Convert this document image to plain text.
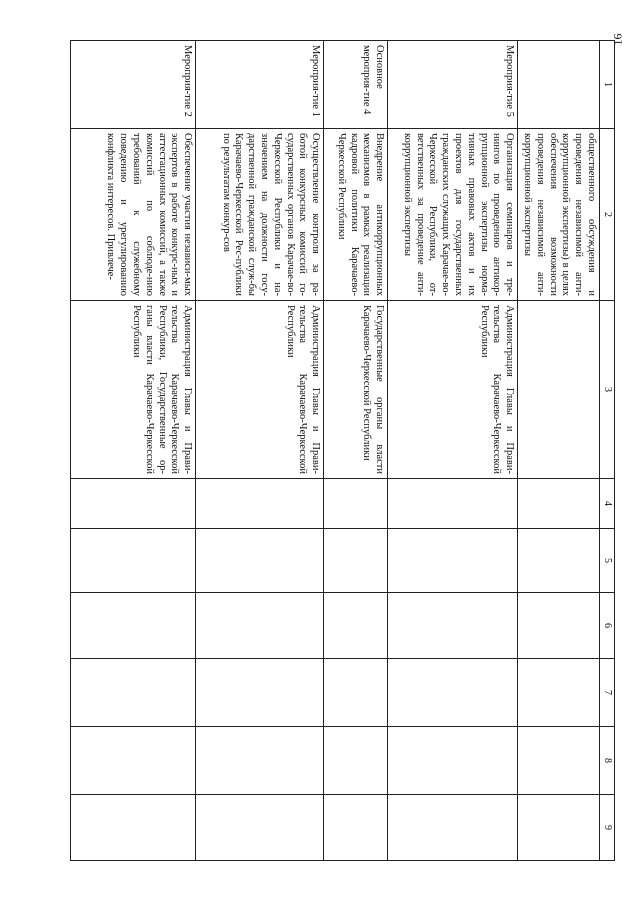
16
1	2	3	4	5	6	7	8	9
	общественного обсуждения и проведения независимой анти-коррупционной экспертизы) в целях обеспечения возможности проведения независимой анти-коррупционной экспертизы							
Мероприя-тие 5	Организация семинаров и тре-нингов по проведению антикор-рупционной экспертизы норма-тивных правовых актов и их проектов для государственных гражданских служащих Карачае-во-Черкесской Республики, от-ветственных за проведение анти-коррупционной экспертизы	Администрация Главы и Прави-тельства Карачаево-Черкесской Республики						
Основное мероприя-тие 4	Внедрение антикоррупционных механизмов в рамках реализации кадровой политики Карачаево-Черкесской Республики	Государственные органы власти Карачаево-Черкесской Республики						
Мероприя-тие 1	Осуществление контроля за ра-ботой конкурсных комиссий го-сударственных органов Карачае-во-Черкесской Республики и на-значением на должности госу-дарственной гражданской служ-бы Карачаево-Черкесской Рес-публики по результатам конкур-сов	Администрация Главы и Прави-тельства Карачаево-Черкесской Республики						
Мероприя-тие 2	Обеспечение участия независи-мых экспертов в работе конкурс-ных и аттестационных комиссий, а также комиссий по соблюде-нию требований к служебному поведению и урегулированию конфликта интересов. Привлече-	Администрация Главы и Прави-тельства Карачаево-Черкесской Республики, Государственные ор-ганы власти Карачаево-Черкесской Республики						
